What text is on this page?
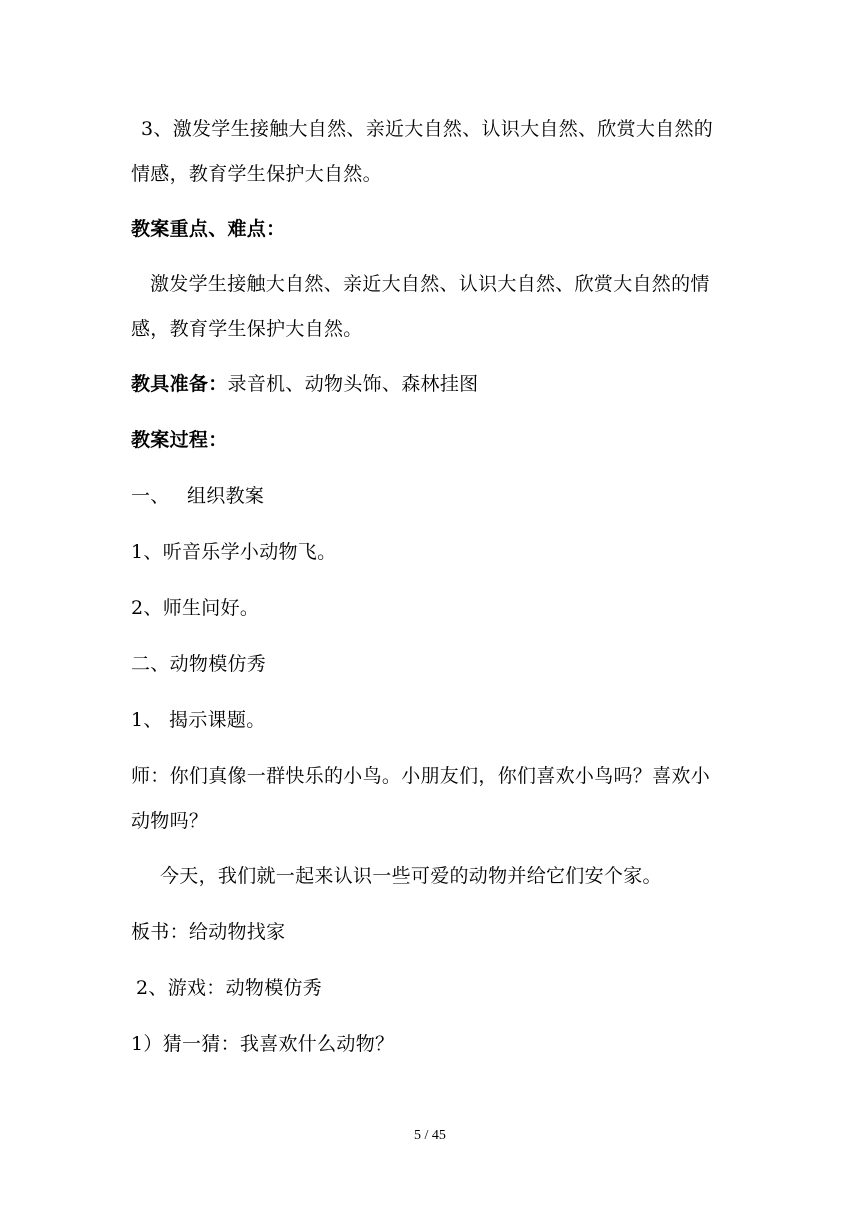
3、激发学生接触大自然、亲近大自然、认识大自然、欣赏大自然的
情感，教育学生保护大自然。
教案重点、难点：
激发学生接触大自然、亲近大自然、认识大自然、欣赏大自然的情
感，教育学生保护大自然。
教具准备：录音机、动物头饰、森林挂图
教案过程：
一、 组织教案
1、听音乐学小动物飞。
2、师生问好。
二、动物模仿秀
1、 揭示课题。
师：你们真像一群快乐的小鸟。小朋友们，你们喜欢小鸟吗？喜欢小
动物吗？
今天，我们就一起来认识一些可爱的动物并给它们安个家。
板书：给动物找家
2、游戏：动物模仿秀
1）猜一猜：我喜欢什么动物？
5 / 45
